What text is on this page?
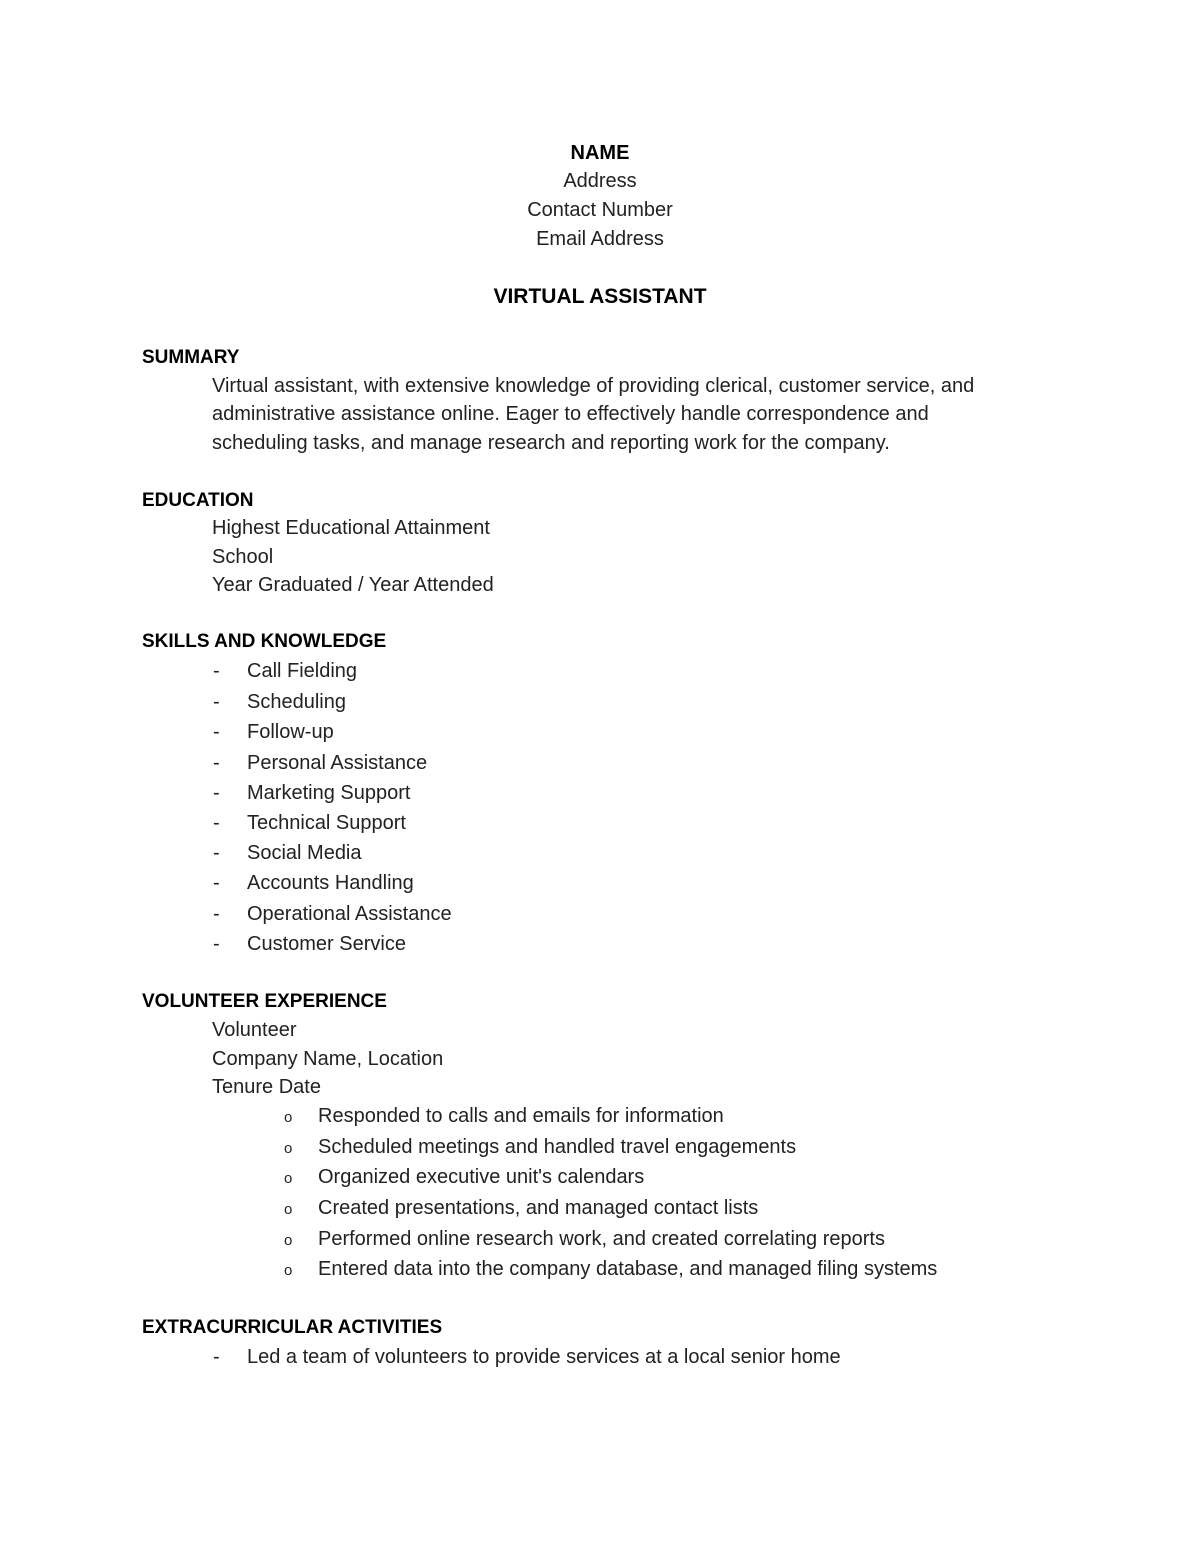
NAME
Address
Contact Number
Email Address
VIRTUAL ASSISTANT
SUMMARY
Virtual assistant, with extensive knowledge of providing clerical, customer service, and
administrative assistance online. Eager to effectively handle correspondence and
scheduling tasks, and manage research and reporting work for the company.
EDUCATION
Highest Educational Attainment
School
Year Graduated / Year Attended
SKILLS AND KNOWLEDGE
- Call Fielding
- Scheduling
- Follow-up
- Personal Assistance
- Marketing Support
- Technical Support
- Social Media
- Accounts Handling
- Operational Assistance
- Customer Service
VOLUNTEER EXPERIENCE
Volunteer
Company Name, Location
Tenure Date
o Responded to calls and emails for information
o Scheduled meetings and handled travel engagements
o Organized executive unit's calendars
o Created presentations, and managed contact lists
o Performed online research work, and created correlating reports
o Entered data into the company database, and managed filing systems
EXTRACURRICULAR ACTIVITIES
- Led a team of volunteers to provide services at a local senior home
